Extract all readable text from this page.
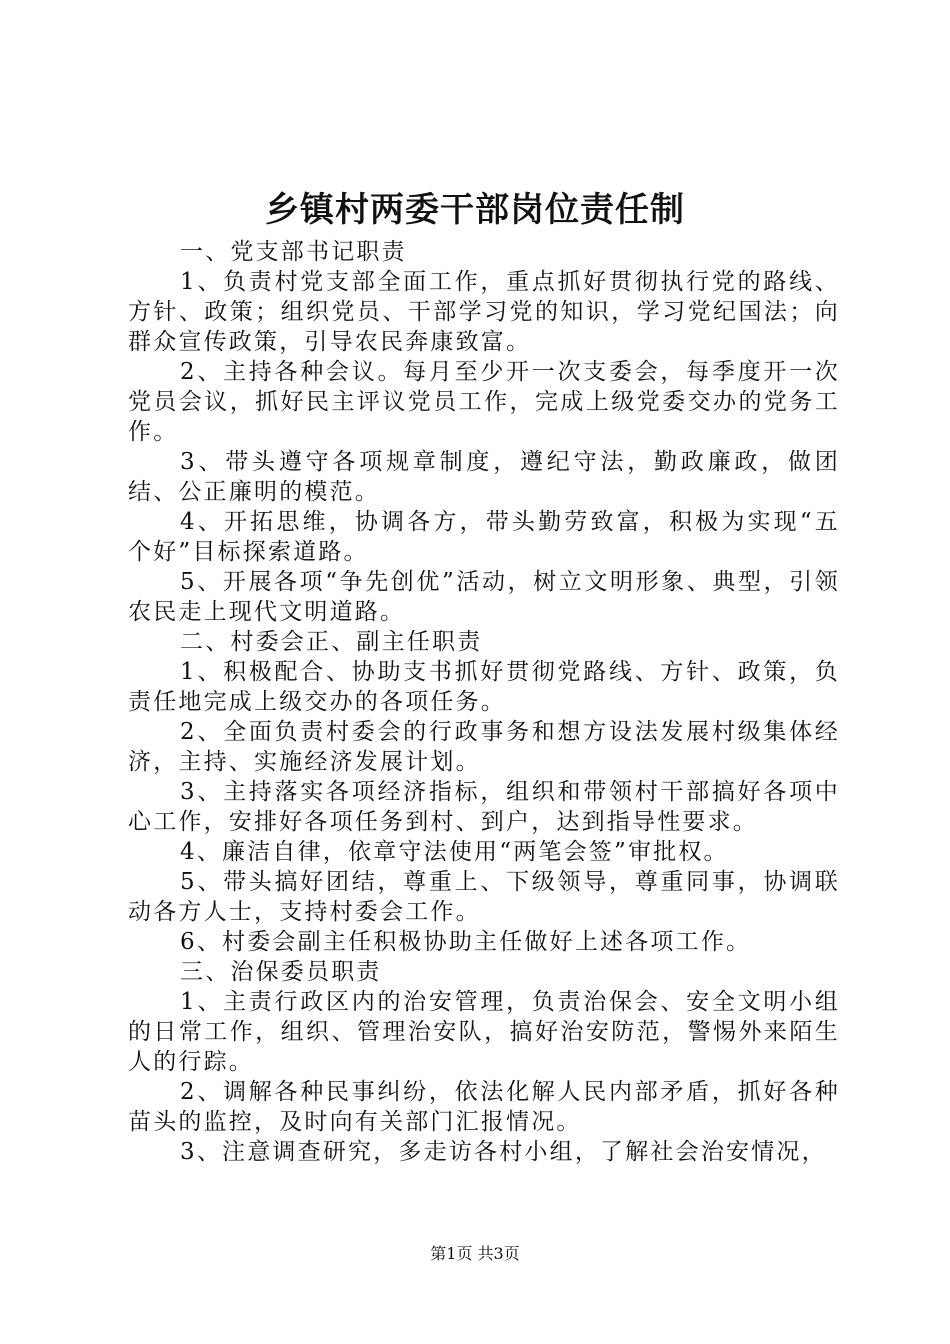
乡镇村两委干部岗位责任制

一、党支部书记职责

1、负责村党支部全面工作，重点抓好贯彻执行党的路线、方针、政策；组织党员、干部学习党的知识，学习党纪国法；向群众宣传政策，引导农民奔康致富。

2、主持各种会议。每月至少开一次支委会，每季度开一次党员会议，抓好民主评议党员工作，完成上级党委交办的党务工作。

3、带头遵守各项规章制度，遵纪守法，勤政廉政，做团结、公正廉明的模范。

4、开拓思维，协调各方，带头勤劳致富，积极为实现“五个好”目标探索道路。

5、开展各项“争先创优”活动，树立文明形象、典型，引领农民走上现代文明道路。

二、村委会正、副主任职责

1、积极配合、协助支书抓好贯彻党路线、方针、政策，负责任地完成上级交办的各项任务。

2、全面负责村委会的行政事务和想方设法发展村级集体经济，主持、实施经济发展计划。

3、主持落实各项经济指标，组织和带领村干部搞好各项中心工作，安排好各项任务到村、到户，达到指导性要求。

4、廉洁自律，依章守法使用“两笔会签”审批权。

5、带头搞好团结，尊重上、下级领导，尊重同事，协调联动各方人士，支持村委会工作。

6、村委会副主任积极协助主任做好上述各项工作。

三、治保委员职责

1、主责行政区内的治安管理，负责治保会、安全文明小组的日常工作，组织、管理治安队，搞好治安防范，警惕外来陌生人的行踪。

2、调解各种民事纠纷，依法化解人民内部矛盾，抓好各种苗头的监控，及时向有关部门汇报情况。

3、注意调查研究，多走访各村小组，了解社会治安情况，

第1页 共3页
